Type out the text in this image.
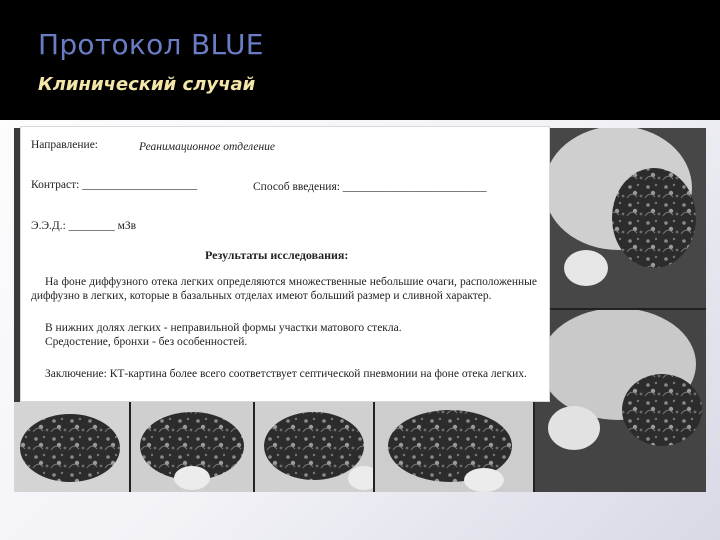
Протокол BLUE
Клинический случай
Направление:	Реанимационное отделение
Контраст: ____________________	Способ введения: _________________________
Э.Э.Д.: ________ мЗв
Результаты исследования:
На фоне диффузного отека легких определяются множественные небольшие очаги, расположенные диффузно в легких, которые в базальных отделах имеют больший размер и сливной характер.
В нижних долях легких - неправильной формы участки матового стекла.
Средостение, бронхи - без особенностей.
Заключение: КТ-картина более всего соответствует септической пневмонии на фоне отека легких.
